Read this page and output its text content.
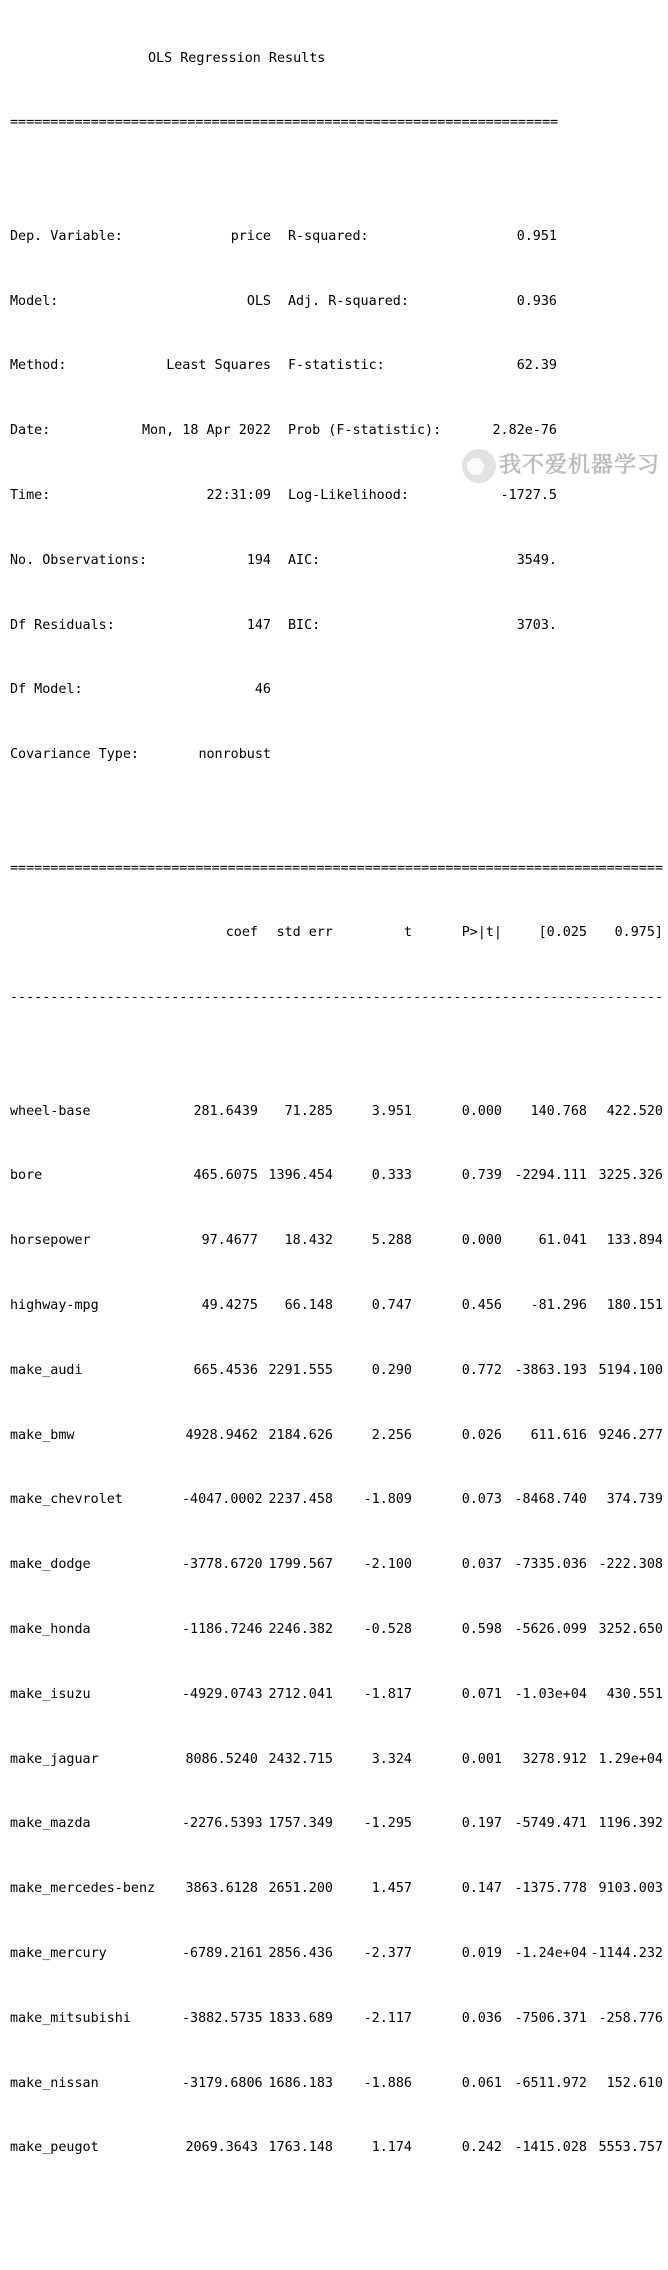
OLS Regression Results

====================================================================

Dep. Variable:	price R-squared:	0.951

Model:	OLS Adj. R-squared:	0.936

Method:	Least Squares F-statistic:	62.39

Date:	Mon, 18 Apr 2022 Prob (F-statistic):	2.82e-76

Time:	22:31:09 Log-Likelihood:	-1727.5

No. Observations:	194 AIC:	3549.

Df Residuals:	147 BIC:	3703.

Df Model:	46

Covariance Type:	nonrobust

=================================================================================

coef	std err	t	P>|t|	[0.025	0.975]

---------------------------------------------------------------------------------

wheel-base	281.6439	71.285	3.951	0.000	140.768	422.520

bore	465.6075 1396.454	0.333	0.739 -2294.111 3225.326

horsepower	97.4677	18.432	5.288	0.000	61.041	133.894

highway-mpg	49.4275	66.148	0.747	0.456	-81.296	180.151

make_audi	665.4536 2291.555	0.290	0.772 -3863.193 5194.100

make_bmw	4928.9462 2184.626	2.256	0.026	611.616 9246.277

make_chevrolet	-4047.0002 2237.458	-1.809	0.073 -8468.740	374.739

make_dodge	-3778.6720 1799.567	-2.100	0.037 -7335.036 -222.308

make_honda	-1186.7246 2246.382	-0.528	0.598 -5626.099 3252.650

make_isuzu	-4929.0743 2712.041	-1.817	0.071 -1.03e+04	430.551

make_jaguar	8086.5240 2432.715	3.324	0.001	3278.912 1.29e+04

make_mazda	-2276.5393 1757.349	-1.295	0.197 -5749.471 1196.392

make_mercedes-benz	3863.6128 2651.200	1.457	0.147 -1375.778 9103.003

make_mercury	-6789.2161 2856.436	-2.377	0.019 -1.24e+04 -1144.232

make_mitsubishi	-3882.5735 1833.689	-2.117	0.036 -7506.371 -258.776

make_nissan	-3179.6806 1686.183	-1.886	0.061 -6511.972	152.610

make_peugot	2069.3643 1763.148	1.174	0.242 -1415.028 5553.757

我不爱机器学习
